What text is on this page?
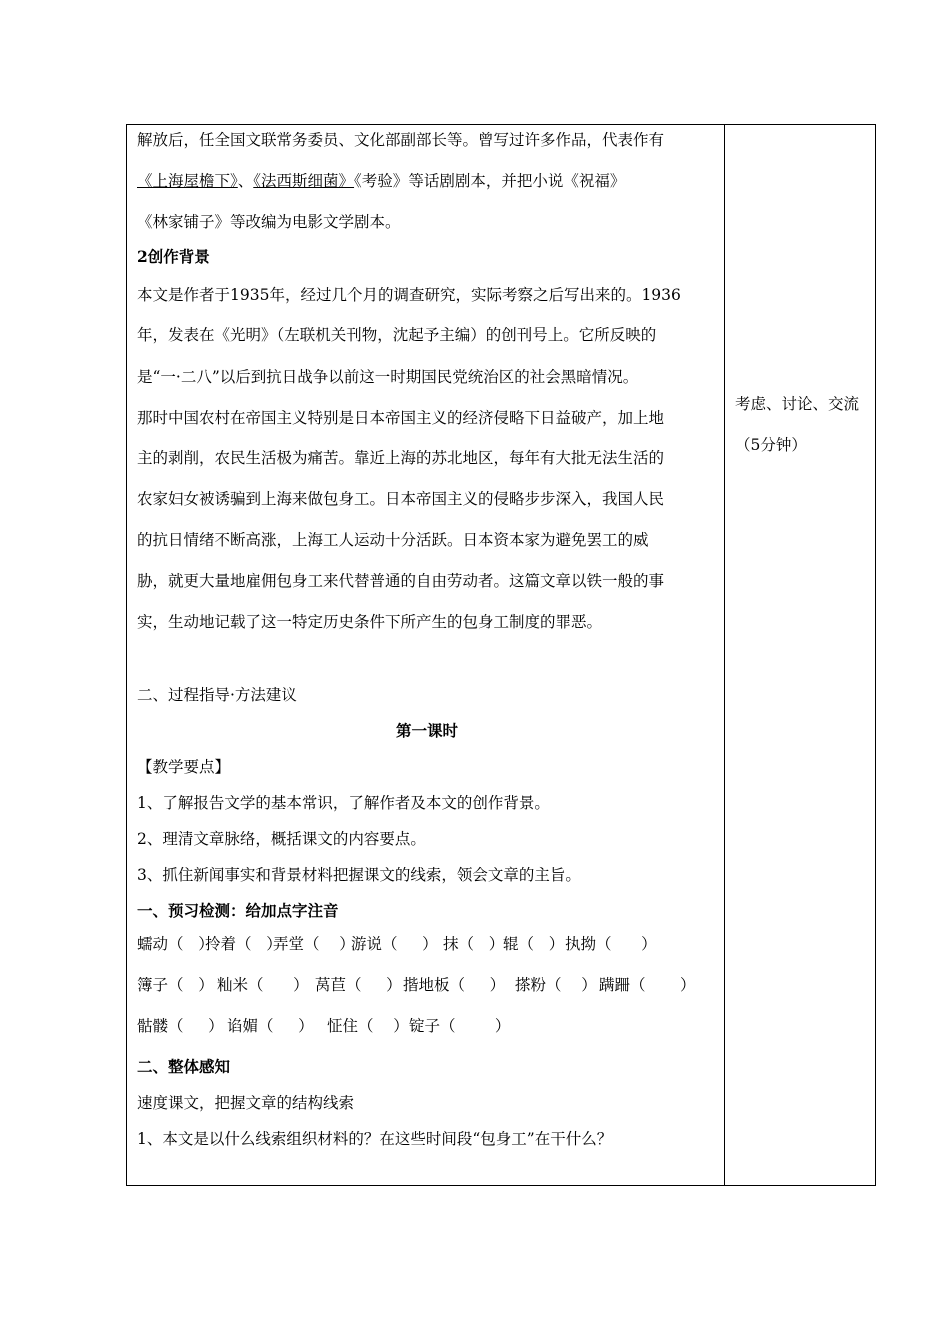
解放后，任全国文联常务委员、文化部副部长等。曾写过许多作品，代表作有
《上海屋檐下》、《法西斯细菌》《考验》等话剧剧本，并把小说《祝福》
《林家铺子》等改编为电影文学剧本。
2创作背景
本文是作者于1935年，经过几个月的调查研究，实际考察之后写出来的。1936
年，发表在《光明》（左联机关刊物，沈起予主编）的创刊号上。它所反映的
是“一·二八”以后到抗日战争以前这一时期国民党统治区的社会黑暗情况。
那时中国农村在帝国主义特别是日本帝国主义的经济侵略下日益破产，加上地
主的剥削，农民生活极为痛苦。靠近上海的苏北地区，每年有大批无法生活的
农家妇女被诱骗到上海来做包身工。日本帝国主义的侵略步步深入，我国人民
的抗日情绪不断高涨，上海工人运动十分活跃。日本资本家为避免罢工的威
胁，就更大量地雇佣包身工来代替普通的自由劳动者。这篇文章以铁一般的事
实，生动地记载了这一特定历史条件下所产生的包身工制度的罪恶。
二、过程指导·方法建议
第一课时
【教学要点】
1、了解报告文学的基本常识，了解作者及本文的创作背景。
2、理清文章脉络，概括课文的内容要点。
3、抓住新闻事实和背景材料把握课文的线索，领会文章的主旨。
一、预习检测：给加点字注音
蠕动（   ）拎着（   ）弄堂（    ）游说（     ） 抹（   ）辊（   ）执拗（      ）
簿子（   ） 籼米（      ） 莴苣（     ）揩地板（     ） 搽粉（    ） 蹒跚（       ）
骷髅（     ） 谄媚（     ） 怔住（    ）锭子（        ）
二、整体感知
速度课文，把握文章的结构线索
1、本文是以什么线索组织材料的？在这些时间段“包身工”在干什么？
考虑、讨论、交流
（5分钟）
